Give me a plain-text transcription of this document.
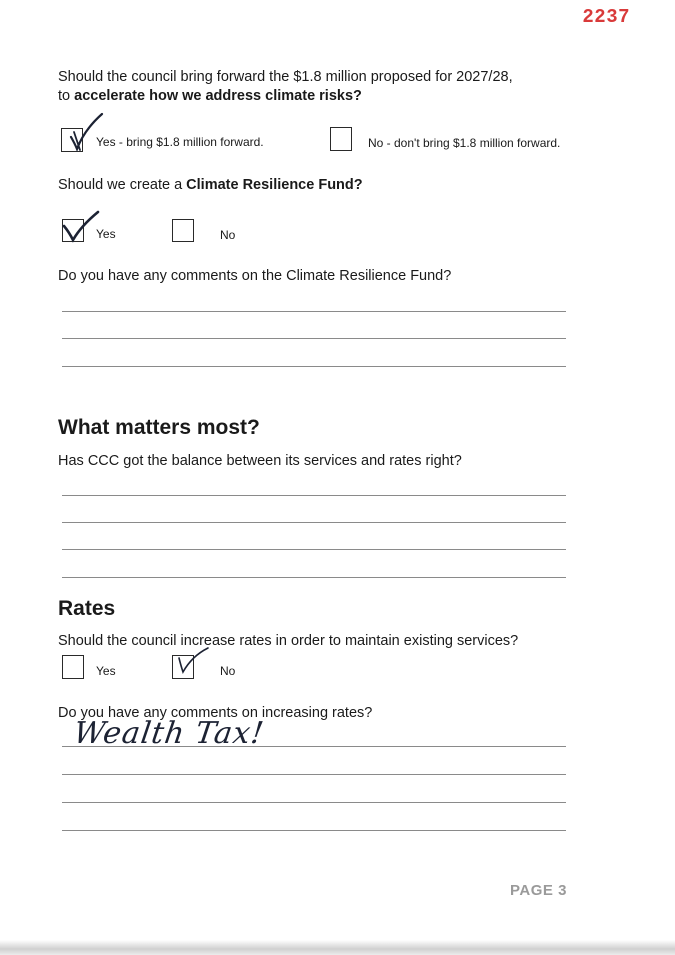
2237
Should the council bring forward the $1.8 million proposed for 2027/28,
to accelerate how we address climate risks?
Yes - bring $1.8 million forward.	No - don't bring $1.8 million forward.
Should we create a Climate Resilience Fund?
Yes	No
Do you have any comments on the Climate Resilience Fund?
What matters most?
Has CCC got the balance between its services and rates right?
Rates
Should the council increase rates in order to maintain existing services?
Yes	No
Do you have any comments on increasing rates?
Wealth Tax!
PAGE 3
